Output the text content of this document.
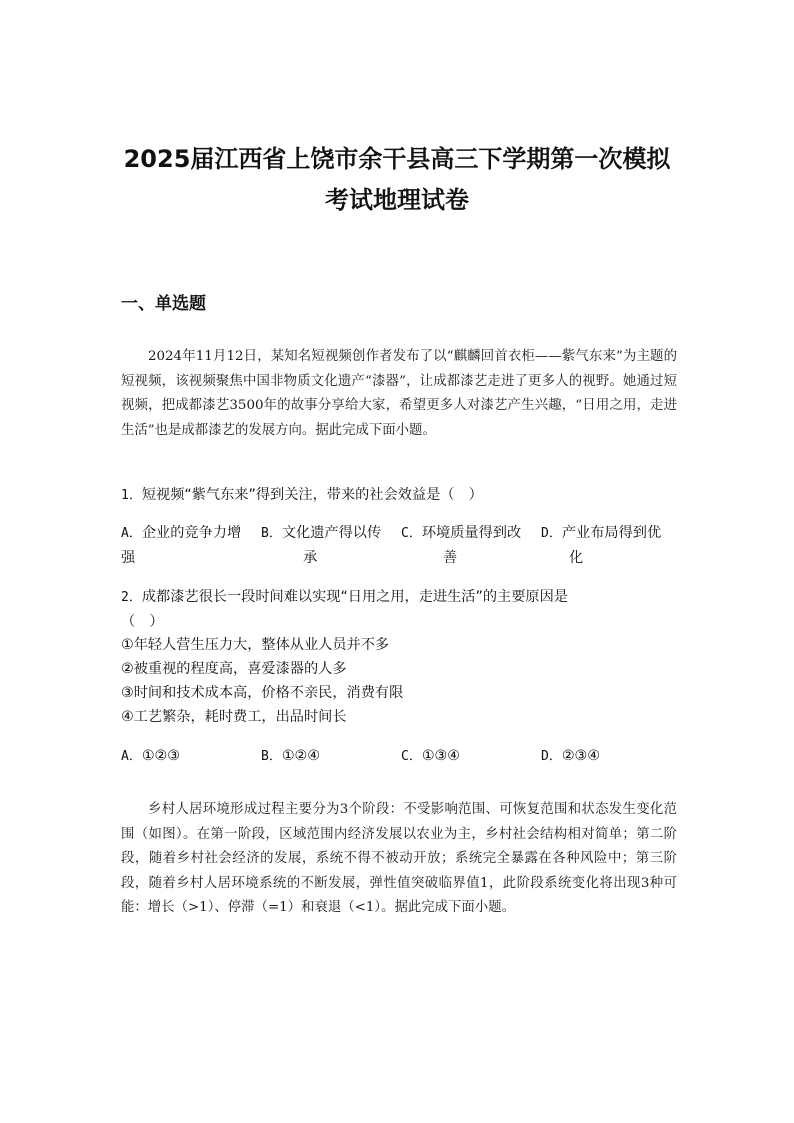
2025届江西省上饶市余干县高三下学期第一次模拟
考试地理试卷
一、单选题

2024年11月12日，某知名短视频创作者发布了以“麒麟回首衣柜——紫气东来”为主题的短视频，该视频聚焦中国非物质文化遗产“漆器”，让成都漆艺走进了更多人的视野。她通过短视频，把成都漆艺3500年的故事分享给大家，希望更多人对漆艺产生兴趣，“日用之用，走进生活”也是成都漆艺的发展方向。据此完成下面小题。

1．短视频“紫气东来”得到关注，带来的社会效益是（　）
A．企业的竞争力增
强
B．文化遗产得以传
承
C．环境质量得到改
善
D．产业布局得到优
化
2．成都漆艺很长一段时间难以实现“日用之用，走进生活”的主要原因是
（　）
①年轻人营生压力大，整体从业人员并不多
②被重视的程度高，喜爱漆器的人多
③时间和技术成本高，价格不亲民，消费有限
④工艺繁杂，耗时费工，出品时间长
A．①②③	B．①②④	C．①③④	D．②③④

乡村人居环境形成过程主要分为3个阶段：不受影响范围、可恢复范围和状态发生变化范围（如图）。在第一阶段，区域范围内经济发展以农业为主，乡村社会结构相对简单；第二阶段，随着乡村社会经济的发展，系统不得不被动开放；系统完全暴露在各种风险中；第三阶段，随着乡村人居环境系统的不断发展，弹性值突破临界值1，此阶段系统变化将出现3种可能：增长（>1）、停滞（=1）和衰退（<1）。据此完成下面小题。
